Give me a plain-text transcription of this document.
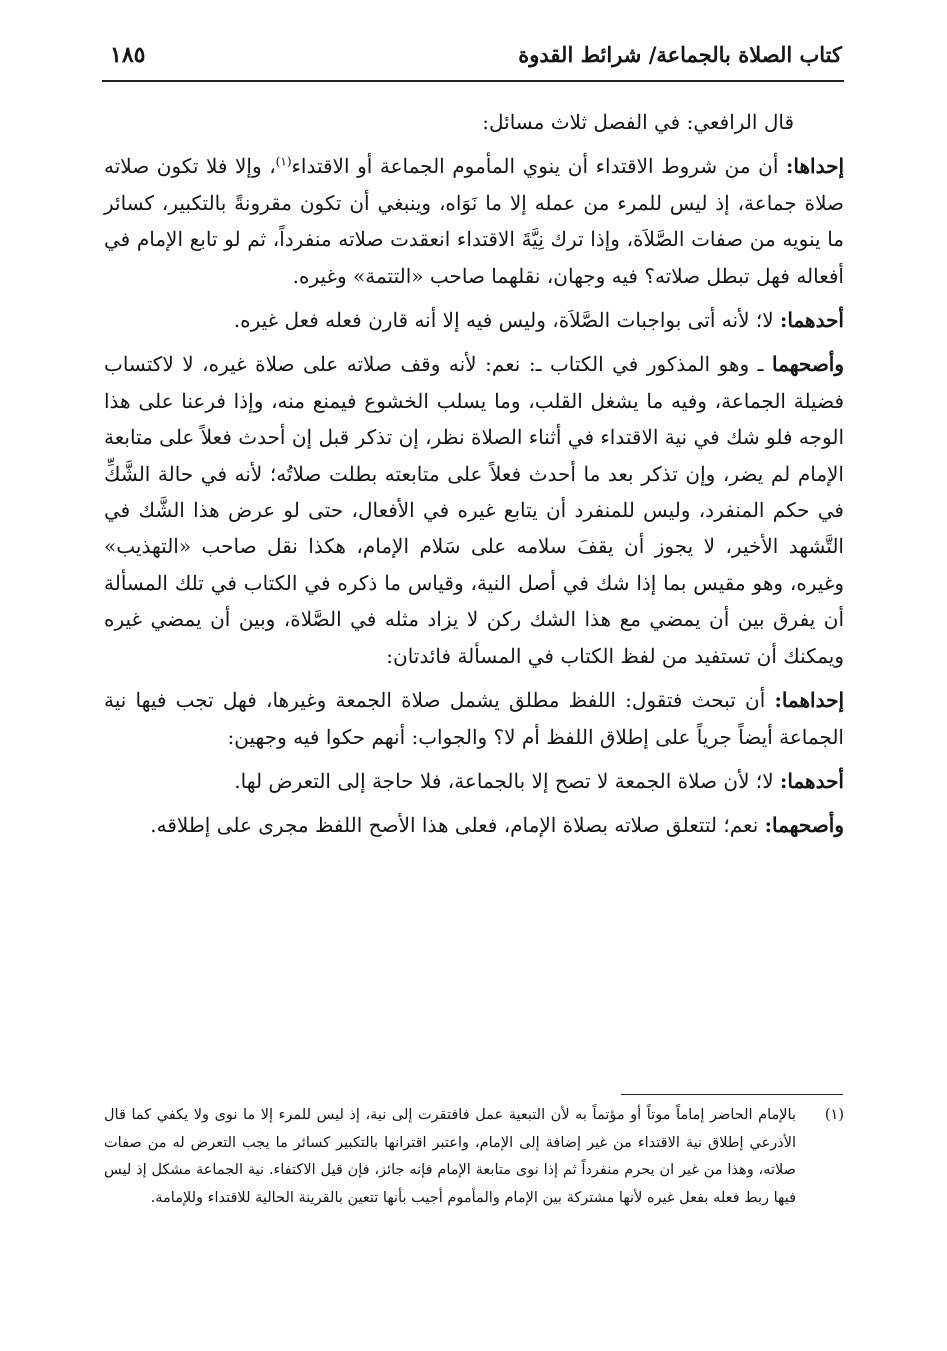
كتاب الصلاة بالجماعة/ شرائط القدوة
١٨٥

قال الرافعي: في الفصل ثلاث مسائل:

إحداها: أن من شروط الاقتداء أن ينوي المأموم الجماعة أو الاقتداء$^{(١)}$، وإلا فلا تكون صلاته صلاة جماعة، إذ ليس للمرء من عمله إلا ما نَوَاه، وينبغي أن تكون مقرونةً بالتكبير، كسائر ما ينويه من صفات الصَّلاَة، وإذا ترك نِيَّةَ الاقتداء انعقدت صلاته منفرداً، ثم لو تابع الإمام في أفعاله فهل تبطل صلاته؟ فيه وجهان، نقلهما صاحب «التتمة» وغيره.

أحدهما: لا؛ لأنه أتى بواجبات الصَّلاَة، وليس فيه إلا أنه قارن فعله فعل غيره.

وأصحهما ـ وهو المذكور في الكتاب ـ: نعم: لأنه وقف صلاته على صلاة غيره، لا لاكتساب فضيلة الجماعة، وفيه ما يشغل القلب، وما يسلب الخشوع فيمنع منه، وإذا فرعنا على هذا الوجه فلو شك في نية الاقتداء في أثناء الصلاة نظر، إن تذكر قبل إن أحدث فعلاً على متابعة الإمام لم يضر، وإن تذكر بعد ما أحدث فعلاً على متابعته بطلت صلاتُه؛ لأنه في حالة الشَّكِّ في حكم المنفرد، وليس للمنفرد أن يتابع غيره في الأفعال، حتى لو عرض هذا الشَّك في التَّشهد الأخير، لا يجوز أن يقفَ سلامه على سَلام الإمام، هكذا نقل صاحب «التهذيب» وغيره، وهو مقيس بما إذا شك في أصل النية، وقياس ما ذكره في الكتاب في تلك المسألة أن يفرق بين أن يمضي مع هذا الشك ركن لا يزاد مثله في الصَّلاة، وبين أن يمضي غيره ويمكنك أن تستفيد من لفظ الكتاب في المسألة فائدتان:

إحداهما: أن تبحث فتقول: اللفظ مطلق يشمل صلاة الجمعة وغيرها، فهل تجب فيها نية الجماعة أيضاً جرياً على إطلاق اللفظ أم لا؟ والجواب: أنهم حكوا فيه وجهين:

أحدهما: لا؛ لأن صلاة الجمعة لا تصح إلا بالجماعة، فلا حاجة إلى التعرض لها.

وأصحهما: نعم؛ لتتعلق صلاته بصلاة الإمام، فعلى هذا الأصح اللفظ مجرى على إطلاقه.

(١)
بالإمام الحاضر إماماً موتاً أو مؤتماً به لأن التبعية عمل فافتقرت إلى نية، إذ ليس للمرء إلا ما نوى ولا يكفي كما قال الأذرعي إطلاق نية الاقتداء من غير إضافة إلى الإمام، واعتبر اقترانها بالتكبير كسائر ما يجب التعرض له من صفات صلاته، وهذا من غير ان يحرم منفرداً ثم إذا نوى متابعة الإمام فإنه جائز، فإن قيل الاكتفاء. نية الجماعة مشكل إذ ليس فيها ربط فعله بفعل غيره لأنها مشتركة بين الإمام والمأموم أجيب بأنها تتعين بالقرينة الحالية للاقتداء وللإمامة.
